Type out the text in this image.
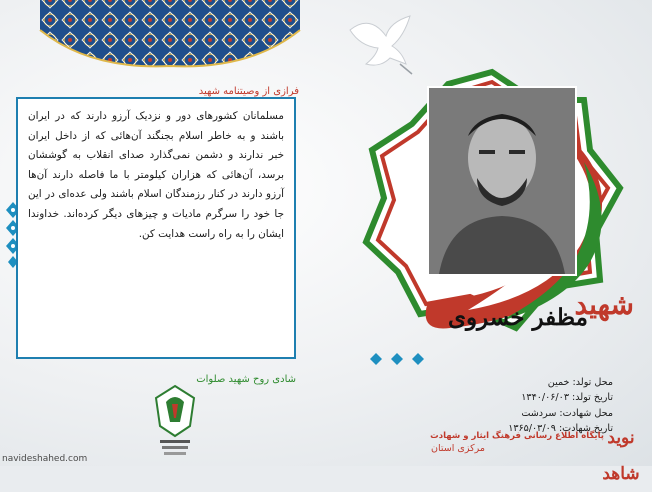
فرازی از وصیتنامه شهید

مسلمانان کشورهای دور و نزدیک آرزو دارند که در ایران باشند و به خاطر اسلام بجنگند آن‌هائی که از داخل ایران خبر ندارند و دشمن نمی‌گذارد صدای انقلاب به گوششان برسد، آن‌هائی که هزاران کیلومتر با ما فاصله دارند آن‌ها آرزو دارند در کنار رزمندگان اسلام باشند ولی عده‌ای در این جا خود را سرگرم مادیات و چیزهای دیگر کرده‌اند. خداوندا ایشان را به راه راست هدایت کن.

شادی روح شهید صلوات
navideshahed.com
شهید
مظفر خسروی
محل تولد: خمین
تاریخ تولد: ۱۳۴۰/۰۶/۰۳
محل شهادت: سردشت
تاریخ شهادت: ۱۳۶۵/۰۳/۰۹
پایگاه اطلاع رسانی فرهنگ ایثار و شهادت
مرکزی استان
نوید شاهد
